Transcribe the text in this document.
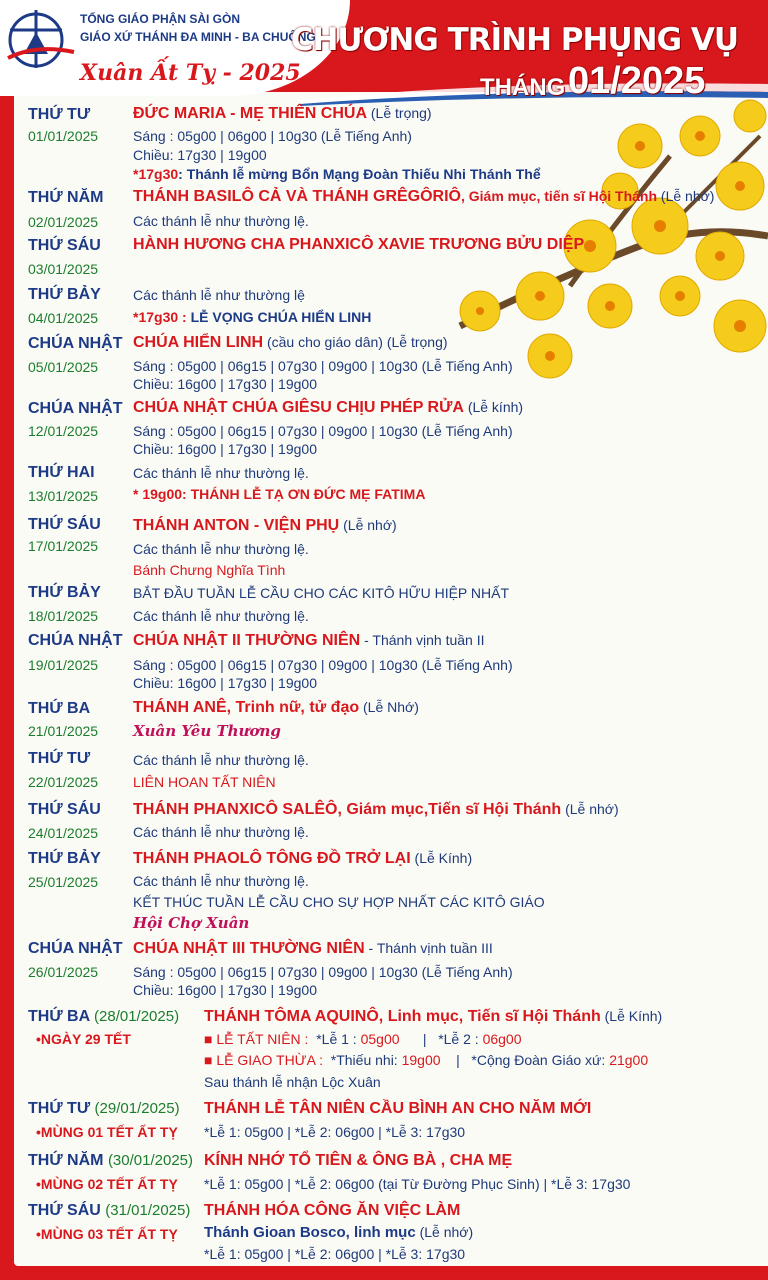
TỔNG GIÁO PHẬN SÀI GÒN
GIÁO XỨ THÁNH ĐA MINH - BA CHUÔNG
Xuân Ất Tỵ - 2025
CHƯƠNG TRÌNH PHỤNG VỤ
THÁNG 01/2025
THỨ TƯ
01/01/2025
ĐỨC MARIA - MẸ THIÊN CHÚA (Lễ trọng)
Sáng : 05g00 | 06g00 | 10g30 (Lễ Tiếng Anh)
Chiều: 17g30 | 19g00
*17g30: Thánh lễ mừng Bổn Mạng Đoàn Thiếu Nhi Thánh Thể
THỨ NĂM
02/01/2025
THÁNH BASILÔ CẢ VÀ THÁNH GRÊGÔRIÔ, Giám mục, tiến sĩ Hội Thánh (Lễ nhớ)
Các thánh lễ như thường lệ.
THỨ SÁU
03/01/2025
HÀNH HƯƠNG CHA PHANXICÔ XAVIE TRƯƠNG BỬU DIỆP
THỨ BẢY
04/01/2025
Các thánh lễ như thường lệ
*17g30 : LỄ VỌNG CHÚA HIỂN LINH
CHÚA NHẬT
05/01/2025
CHÚA HIỂN LINH (cầu cho giáo dân) (Lễ trọng)
Sáng : 05g00 | 06g15 | 07g30 | 09g00 | 10g30 (Lễ Tiếng Anh)
Chiều: 16g00 | 17g30 | 19g00
CHÚA NHẬT
12/01/2025
CHÚA NHẬT CHÚA GIÊSU CHỊU PHÉP RỬA (Lễ kính)
Sáng : 05g00 | 06g15 | 07g30 | 09g00 | 10g30 (Lễ Tiếng Anh)
Chiều: 16g00 | 17g30 | 19g00
THỨ HAI
13/01/2025
Các thánh lễ như thường lệ.
* 19g00: THÁNH LỄ TẠ ƠN ĐỨC MẸ FATIMA
THỨ SÁU
17/01/2025
THÁNH ANTON - VIỆN PHỤ (Lễ nhớ)
Các thánh lễ như thường lệ.
Bánh Chưng Nghĩa Tình
THỨ BẢY
18/01/2025
BẮT ĐẦU TUẦN LỄ CẦU CHO CÁC KITÔ HỮU HIỆP NHẤT
Các thánh lễ như thường lệ.
CHÚA NHẬT
19/01/2025
CHÚA NHẬT II THƯỜNG NIÊN - Thánh vịnh tuần II
Sáng : 05g00 | 06g15 | 07g30 | 09g00 | 10g30 (Lễ Tiếng Anh)
Chiều: 16g00 | 17g30 | 19g00
THỨ BA
21/01/2025
THÁNH ANÊ, Trinh nữ, tử đạo (Lễ Nhớ)
Xuân Yêu Thương
THỨ TƯ
22/01/2025
Các thánh lễ như thường lệ.
LIÊN HOAN TẤT NIÊN
THỨ SÁU
24/01/2025
THÁNH PHANXICÔ SALÊÔ, Giám mục,Tiến sĩ Hội Thánh (Lễ nhớ)
Các thánh lễ như thường lệ.
THỨ BẢY
25/01/2025
THÁNH PHAOLÔ TÔNG ĐỒ TRỞ LẠI (Lễ Kính)
Các thánh lễ như thường lệ.
KẾT THÚC TUẦN LỄ CẦU CHO SỰ HỢP NHẤT CÁC KITÔ GIÁO
Hội Chợ Xuân
CHÚA NHẬT
26/01/2025
CHÚA NHẬT III THƯỜNG NIÊN - Thánh vịnh tuần III
Sáng : 05g00 | 06g15 | 07g30 | 09g00 | 10g30 (Lễ Tiếng Anh)
Chiều: 16g00 | 17g30 | 19g00
THỨ BA (28/01/2025)
•NGÀY 29 TẾT
THÁNH TÔMA AQUINÔ, Linh mục, Tiến sĩ Hội Thánh (Lễ Kính)
■ LỄ TẤT NIÊN : *Lễ 1 : 05g00      |   *Lễ 2 : 06g00
■ LỄ GIAO THỪA : *Thiếu nhi: 19g00    |   *Cộng Đoàn Giáo xứ: 21g00
Sau thánh lễ nhận Lộc Xuân
THỨ TƯ (29/01/2025)
•MÙNG 01 TẾT ẤT TỴ
THÁNH LỄ TÂN NIÊN CẦU BÌNH AN CHO NĂM MỚI
*Lễ 1: 05g00 | *Lễ 2: 06g00 | *Lễ 3: 17g30
THỨ NĂM (30/01/2025)
•MÙNG 02 TẾT ẤT TỴ
KÍNH NHỚ TỔ TIÊN & ÔNG BÀ , CHA MẸ
*Lễ 1: 05g00 | *Lễ 2: 06g00 (tại Từ Đường Phục Sinh) | *Lễ 3: 17g30
THỨ SÁU (31/01/2025)
•MÙNG 03 TẾT ẤT TỴ
THÁNH HÓA CÔNG ĂN VIỆC LÀM
Thánh Gioan Bosco, linh mục (Lễ nhớ)
*Lễ 1: 05g00 | *Lễ 2: 06g00 | *Lễ 3: 17g30
